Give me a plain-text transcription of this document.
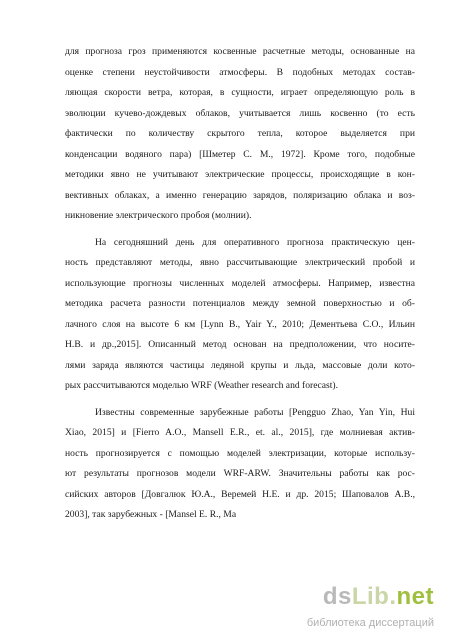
для прогноза гроз применяются косвенные расчетные методы, основанные на
оценке степени неустойчивости атмосферы. В подобных методах состав-
ляющая скорости ветра, которая, в сущности, играет определяющую роль в
эволюции кучево-дождевых облаков, учитывается лишь косвенно (то есть
фактически по количеству скрытого тепла, которое выделяется при
конденсации водяного пара) [Шметер С. М., 1972]. Кроме того, подобные
методики явно не учитывают электрические процессы, происходящие в кон-
вективных облаках, а именно генерацию зарядов, поляризацию облака и воз-
никновение электрического пробоя (молнии).
На сегодняшний день для оперативного прогноза практическую цен-
ность представляют методы, явно рассчитывающие электрический пробой и
использующие прогнозы численных моделей атмосферы. Например, известна
методика расчета разности потенциалов между земной поверхностью и об-
лачного слоя на высоте 6 км [Lynn B., Yair Y., 2010; Дементьева С.О., Ильин
Н.В. и др.,2015]. Описанный метод основан на предположении, что носите-
лями заряда являются частицы ледяной крупы и льда, массовые доли кото-
рых рассчитываются моделью WRF (Weather research and forecast).
Известны современные зарубежные работы [Pengguo Zhao, Yan Yin, Hui
Xiao, 2015] и [Fierro A.O., Mansell E.R., et. al., 2015], где молниевая актив-
ность прогнозируется с помощью моделей электризации, которые использу-
ют результаты прогнозов модели WRF-ARW. Значительны работы как рос-
сийских авторов [Довгалюк Ю.А., Веремей Н.Е. и др. 2015; Шаповалов А.В.,
2003], так зарубежных - [Mansel E. R., Ma
dsLib.net
библиотека диссертаций
